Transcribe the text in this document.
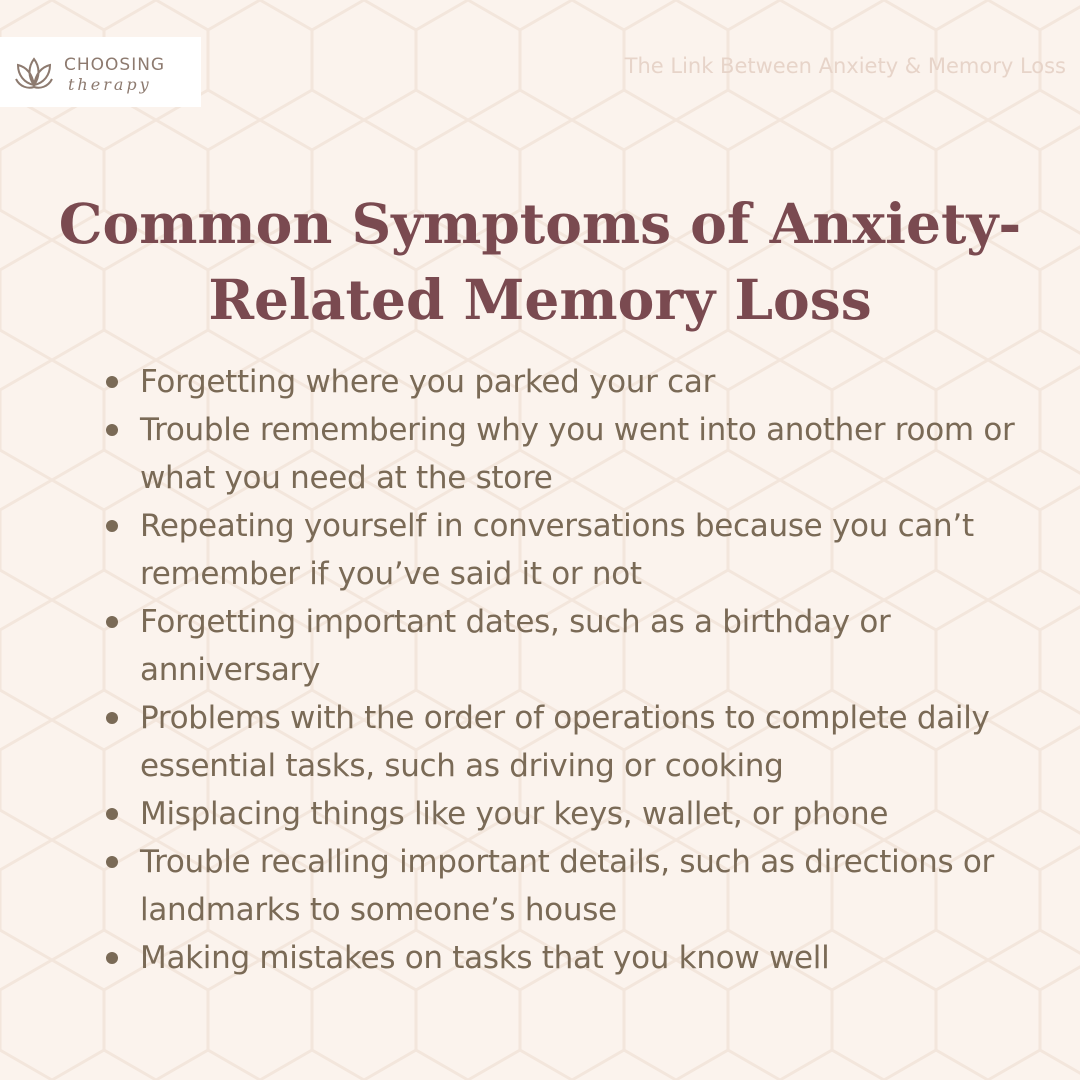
CHOOSING
therapy
The Link Between Anxiety & Memory Loss
Common Symptoms of Anxiety-Related Memory Loss
Forgetting where you parked your car
Trouble remembering why you went into another room or what you need at the store
Repeating yourself in conversations because you can’t remember if you’ve said it or not
Forgetting important dates, such as a birthday or anniversary
Problems with the order of operations to complete daily essential tasks, such as driving or cooking
Misplacing things like your keys, wallet, or phone
Trouble recalling important details, such as directions or landmarks to someone’s house
Making mistakes on tasks that you know well
